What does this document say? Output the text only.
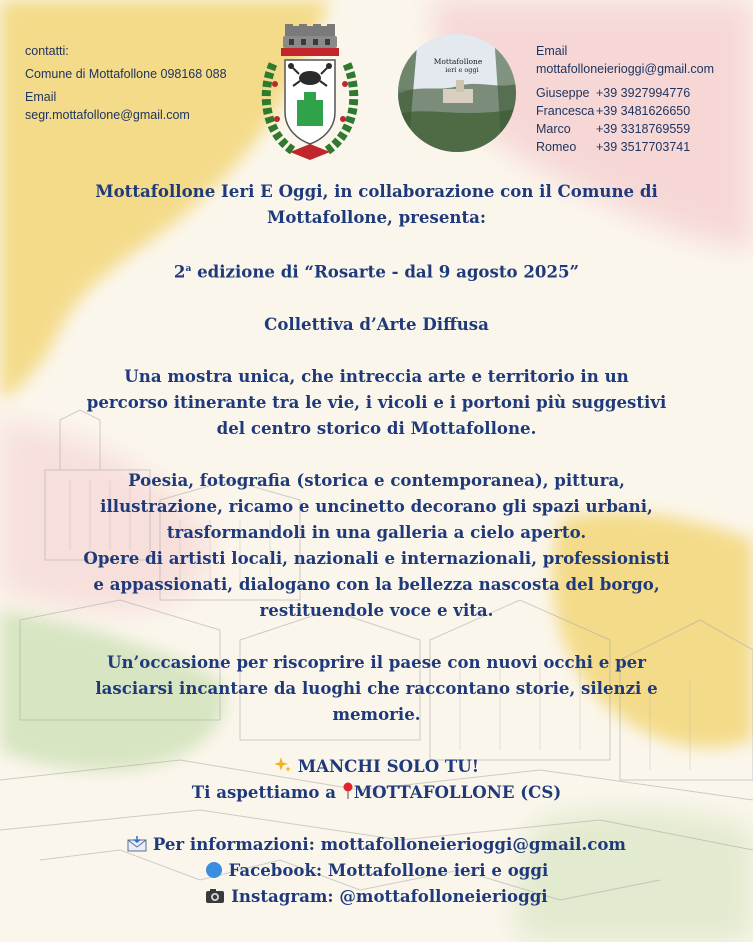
contatti:
Comune di Mottafollone 098168 088
Email
segr.mottafollone@gmail.com
Mottafollone
ieri e oggi
Email
mottafolloneierioggi@gmail.com
Giuseppe +39 3927994776
Francesca +39 3481626650
Marco	+39 3318769559
Romeo	+39 3517703741

Mottafollone Ieri E Oggi, in collaborazione con il Comune di

Mottafollone, presenta:

2$^a$ edizione di “Rosarte - dal 9 agosto 2025”

Collettiva d’Arte Diffusa

Una mostra unica, che intreccia arte e territorio in un

percorso itinerante tra le vie, i vicoli e i portoni più suggestivi

del centro storico di Mottafollone.

Poesia, fotografia (storica e contemporanea), pittura,

illustrazione, ricamo e uncinetto decorano gli spazi urbani,

trasformandoli in una galleria a cielo aperto.

Opere di artisti locali, nazionali e internazionali, professionisti

e appassionati, dialogano con la bellezza nascosta del borgo,

restituendole voce e vita.

Un’occasione per riscoprire il paese con nuovi occhi e per

lasciarsi incantare da luoghi che raccontano storie, silenzi e

memorie.

MANCHI SOLO TU!

Ti aspettiamo a MOTTAFOLLONE (CS)

Per informazioni: mottafolloneierioggi@gmail.com

Facebook: Mottafollone ieri e oggi

Instagram: @mottafolloneierioggi
